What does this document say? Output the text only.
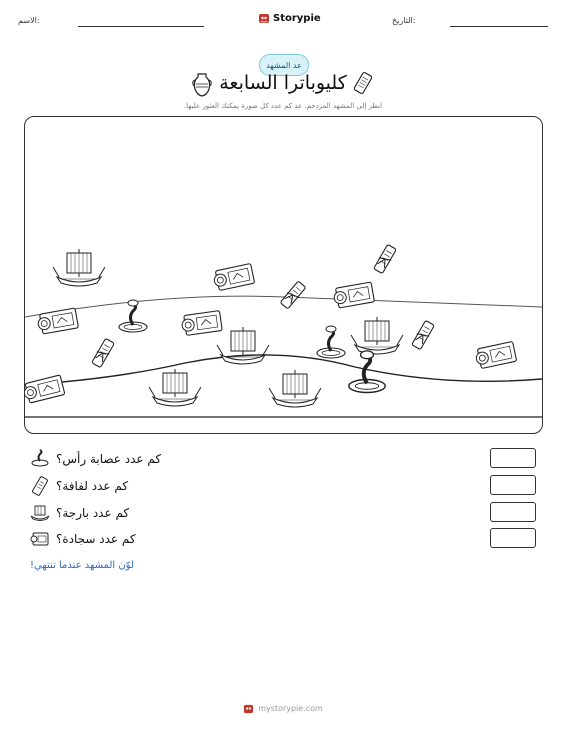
الاسم:	Storypie	التاريخ:
عد المشهد
كليوباترا السابعة
انظر إلى المشهد المزدحم. عد كم عدد كل صورة يمكنك العثور عليها.
كم عدد عصابة رأس؟
كم عدد لفافة؟
كم عدد بارجة؟
كم عدد سجادة؟
لوّن المشهد عندما تنتهي!
mystorypie.com
